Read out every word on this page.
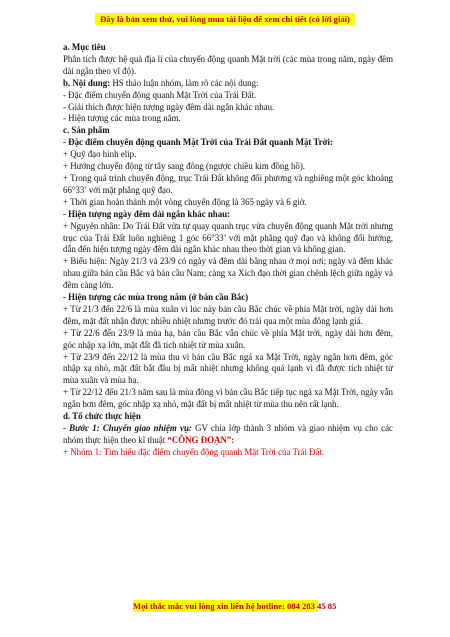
Đây là bản xem thử, vui lòng mua tài liệu để xem chi tiết (có lời giải)

a. Mục tiêu

Phân tích được hệ quả địa lí của chuyển động quanh Mặt trời (các mùa trong năm, ngày đêm dài ngắn theo vĩ độ).

b. Nội dung: HS thảo luận nhóm, làm rõ các nội dung:

- Đặc điểm chuyển động quanh Mặt Trời của Trái Đất.

- Giải thích được hiện tượng ngày đêm dài ngắn khác nhau.

- Hiện tượng các mùa trong năm.

c. Sản phẩm

- Đặc điểm chuyển động quanh Mặt Trời của Trái Đất quanh Mặt Trời:

+ Quỹ đạo hình elip.

+ Hướng chuyển động từ tây sang đông (ngược chiều kim đồng hồ).

+ Trong quá trình chuyển động, trục Trái Đất không đổi phương và nghiêng một góc khoảng 66°33’ với mặt phẳng quỹ đạo.

+ Thời gian hoàn thành một vòng chuyển động là 365 ngày và 6 giờ.

- Hiện tượng ngày đêm dài ngắn khác nhau:

+ Nguyên nhân: Do Trái Đất vừa tự quay quanh trục vừa chuyển động quanh Mặt trời nhưng trục của Trái Đất luôn nghiêng 1 góc 66°33’ với mặt phẳng quỹ đạo và không đổi hướng, dẫn đến hiện tượng ngày đêm dài ngắn khác nhau theo thời gian và không gian.

+ Biểu hiện: Ngày 21/3 và 23/9 có ngày và đêm dài bằng nhau ở mọi nơi; ngày và đêm khác nhau giữa bán cầu Bắc và bán cầu Nam; càng xa Xích đạo thời gian chênh lệch giữa ngày và đêm càng lớn.

- Hiện tượng các mùa trong năm (ở bán cầu Bắc)

+ Từ 21/3 đến 22/6 là mùa xuân vì lúc này bán cầu Bắc chúc về phía Mặt trời, ngày dài hơn đêm, mặt đất nhận được nhiều nhiệt nhưng trước đó trái qua một mùa đông lạnh giá.

+ Từ 22/6 đến 23/9 là mùa hạ, bán cầu Bắc vẫn chúc về phía Mặt trời, ngày dài hơn đêm, góc nhập xạ lớn, mặt đất đã tích nhiệt từ mùa xuân.

+ Từ 23/9 đến 22/12 là mùa thu vì bán cầu Bắc ngả xa Mặt Trời, ngày ngắn hơn đêm, góc nhập xạ nhỏ, mặt đất bắt đầu bị mất nhiệt nhưng không quá lạnh vì đã được tích nhiệt từ mùa xuân và mùa hạ.

+ Từ 22/12 đến 21/3 năm sau là mùa đông vì bán cầu Bắc tiếp tục ngả xa Mặt Trời, ngày vẫn ngắn hơn đêm, góc nhập xạ nhỏ, mặt đất bị mất nhiệt từ mùa thu nên rất lạnh.

d. Tổ chức thực hiện

- Bước 1: Chuyển giao nhiệm vụ: GV chia lớp thành 3 nhóm và giao nhiệm vụ cho các nhóm thực hiện theo kĩ thuật “CÔNG ĐOẠN”:

+ Nhóm 1: Tìm hiểu đặc điểm chuyển động quanh Mặt Trời của Trái Đất.

Mọi thắc mắc vui lòng xin liên hệ hotline: 084 283 45 85
